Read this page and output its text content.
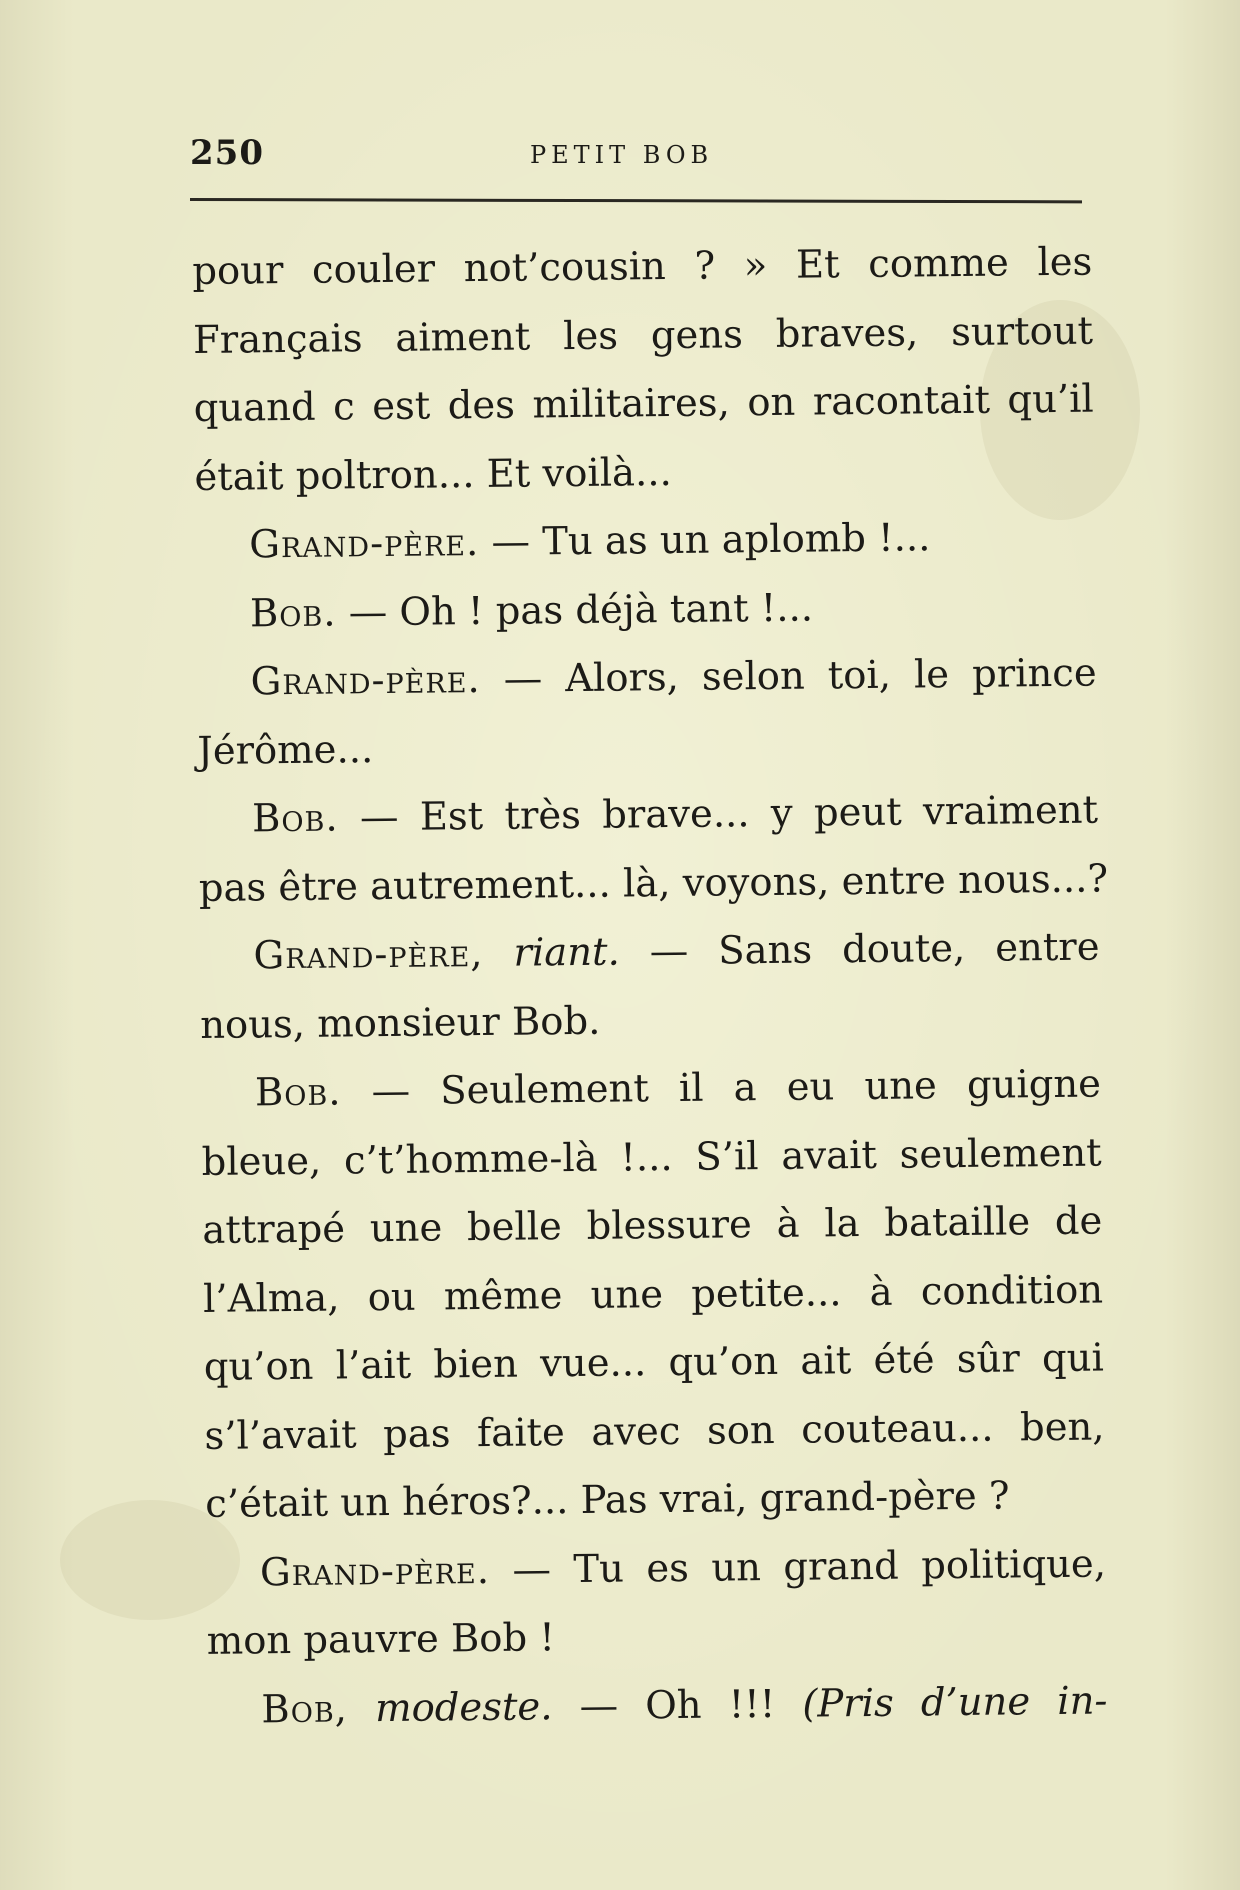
250	PETIT BOB
pour couler not’cousin ? » Et comme les
Français aiment les gens braves, surtout
quand c est des militaires, on racontait qu’il
était poltron... Et voilà...
Grand-père. — Tu as un aplomb !...
Bob. — Oh ! pas déjà tant !...
Grand-père. — Alors, selon toi, le prince
Jérôme...
Bob. — Est très brave... y peut vraiment
pas être autrement... là, voyons, entre nous...?
Grand-père, riant. — Sans doute, entre
nous, monsieur Bob.
Bob. — Seulement il a eu une guigne
bleue, c’t’homme-là !... S’il avait seulement
attrapé une belle blessure à la bataille de
l’Alma, ou même une petite... à condition
qu’on l’ait bien vue... qu’on ait été sûr qui
s’l’avait pas faite avec son couteau... ben,
c’était un héros?... Pas vrai, grand-père ?
Grand-père. — Tu es un grand politique,
mon pauvre Bob !
Bob, modeste. — Oh !!! (Pris d’une in-
